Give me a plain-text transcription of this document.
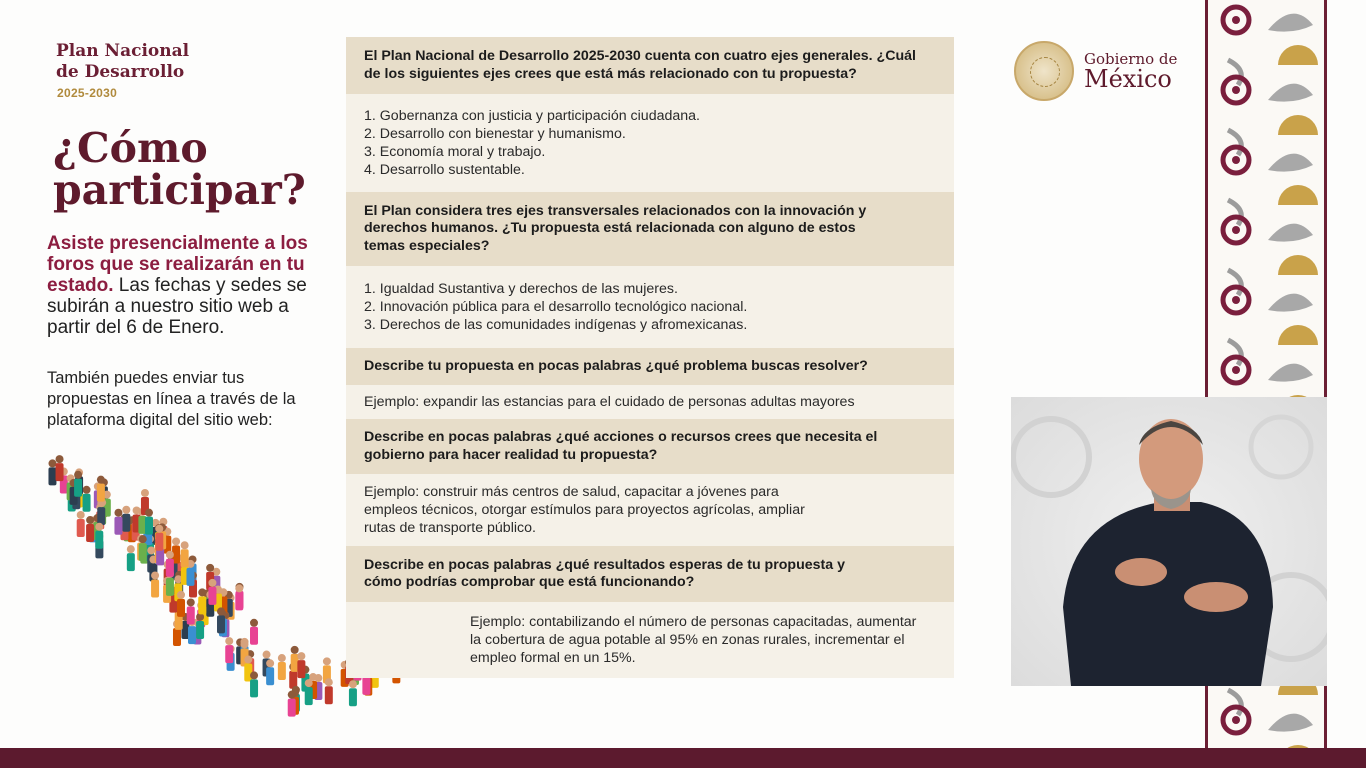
Plan Nacional
de Desarrollo
2025-2030
¿Cómo
participar?
Asiste presencialmente a los foros que se realizarán en tu estado. Las fechas y sedes se subirán a nuestro sitio web a partir del 6 de Enero.
También puedes enviar tus propuestas en línea a través de la plataforma digital del sitio web:
El Plan Nacional de Desarrollo 2025-2030 cuenta con cuatro ejes generales. ¿Cuál de los siguientes ejes crees que está más relacionado con tu propuesta?
1. Gobernanza con justicia y participación ciudadana.
2. Desarrollo con bienestar y humanismo.
3. Economía moral y trabajo.
4. Desarrollo sustentable.
El Plan considera tres ejes transversales relacionados con la innovación y derechos humanos. ¿Tu propuesta está relacionada con alguno de estos temas especiales?
1. Igualdad Sustantiva y derechos de las mujeres.
2. Innovación pública para el desarrollo tecnológico nacional.
3. Derechos de las comunidades indígenas y afromexicanas.
Describe tu propuesta en pocas palabras ¿qué problema buscas resolver?
Ejemplo: expandir las estancias para el cuidado de personas adultas mayores
Describe en pocas palabras ¿qué acciones o recursos crees que necesita el gobierno para hacer realidad tu propuesta?
Ejemplo: construir más centros de salud, capacitar a jóvenes para empleos técnicos, otorgar estímulos para proyectos agrícolas, ampliar rutas de transporte público.
Describe en pocas palabras ¿qué resultados esperas de tu propuesta y cómo podrías comprobar que está funcionando?
Ejemplo: contabilizando el número de personas capacitadas, aumentar la cobertura de agua potable al 95% en zonas rurales, incrementar el empleo formal en un 15%.
Gobierno de
México
